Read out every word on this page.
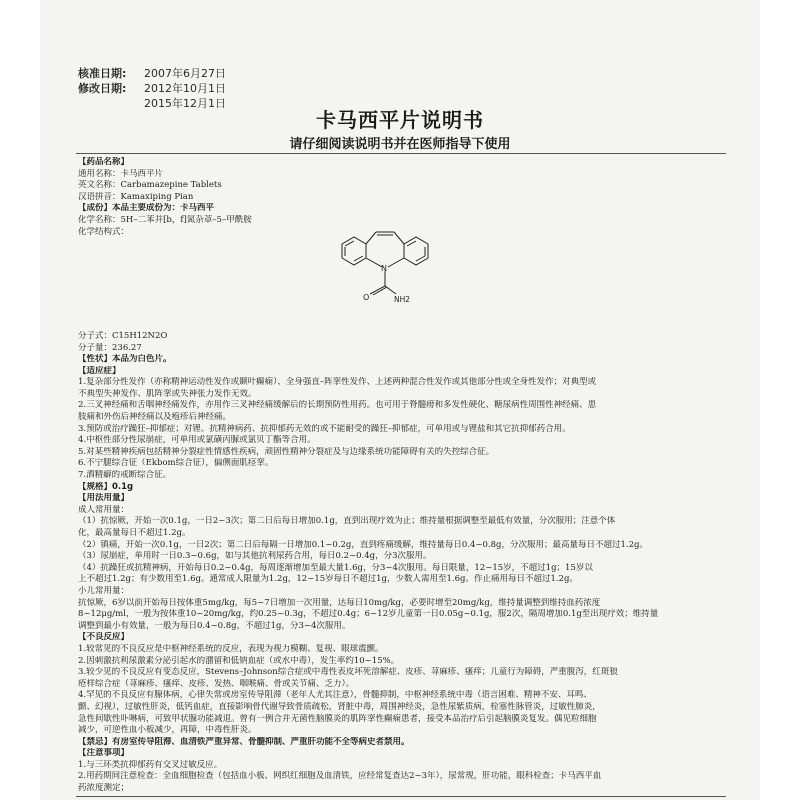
核准日期:	2007年6月27日
修改日期:	2012年10月1日
2015年12月1日
卡马西平片说明书
请仔细阅读说明书并在医师指导下使用
【药品名称】
通用名称：卡马西平片
英文名称：Carbamazepine Tablets
汉语拼音：Kamaxiping Pian
【成份】本品主要成份为：卡马西平
化学名称：5H–二苯并[b，f]氮杂䓬–5–甲酰胺
化学结构式：

分子式：C15H12N2O
分子量：236.27
【性状】本品为白色片。
【适应症】
1.复杂部分性发作（亦称精神运动性发作或颞叶癫痫）、全身强直–阵挛性发作、上述两种混合性发作或其他部分性或全身性发作；对典型或
不典型失神发作、肌阵挛或失神张力发作无效。
2.三叉神经痛和舌咽神经痛发作，亦用作三叉神经痛缓解后的长期预防性用药。也可用于脊髓痨和多发性硬化、糖尿病性周围性神经痛、患
肢痛和外伤后神经痛以及疱疹后神经痛。
3.预防或治疗躁狂–抑郁症；对锂、抗精神病药、抗抑郁药无效的或不能耐受的躁狂–抑郁症，可单用或与锂盐和其它抗抑郁药合用。
4.中枢性部分性尿崩症，可单用或氯磺丙脲或氯贝丁酯等合用。
5.对某些精神疾病包括精神分裂症性情感性疾病，顽固性精神分裂症及与边缘系统功能障碍有关的失控综合征。
6.不宁腿综合征（Ekbom综合征），偏侧面肌痉挛。
7.酒精癖的戒断综合征。
【规格】0.1g
【用法用量】
成人常用量：
（1）抗惊厥，开始一次0.1g，一日2~3次；第二日后每日增加0.1g，直到出现疗效为止；维持量根据调整至最低有效量，分次服用；注意个体
化，最高量每日不超过1.2g。
（2）镇痛，开始一次0.1g，一日2次；第二日后每隔一日增加0.1~0.2g，直到疼痛缓解，维持量每日0.4~0.8g，分次服用；最高量每日不超过1.2g。
（3）尿崩症，单用时一日0.3~0.6g，如与其他抗利尿药合用，每日0.2~0.4g，分3次服用。
（4）抗躁狂或抗精神病，开始每日0.2~0.4g，每周逐渐增加至最大量1.6g，分3~4次服用。每日限量，12~15岁，不超过1g；15岁以
上不超过1.2g；有少数用至1.6g。通常成人限量为1.2g，12~15岁每日不超过1g，少数人需用至1.6g。作止痛用每日不超过1.2g。
小儿常用量：
抗惊厥，6岁以前开始每日按体重5mg/kg，每5~7日增加一次用量，达每日10mg/kg，必要时增至20mg/kg，维持量调整到维持血药浓度
8~12μg/ml，一般为按体重10~20mg/kg，约0.25~0.3g，不超过0.4g；6~12岁儿童第一日0.05g~0.1g，服2次，隔周增加0.1g至出现疗效；维持量
调整到最小有效量，一般为每日0.4~0.8g，不超过1g，分3~4次服用。
【不良反应】
1.较常见的不良反应是中枢神经系统的反应，表现为视力模糊、复视、眼球震颤。
2.因刺激抗利尿激素分泌引起水的潴留和低钠血症（或水中毒），发生率约10~15%。
3.较少见的不良反应有变态反应，Stevens–Johnson综合症或中毒性表皮坏死溶解症、皮疹、荨麻疹、瘙痒；儿童行为障碍，严重腹泻，红斑狼
疮样综合症（荨麻疹、瘙痒、皮疹、发热、咽喉痛、骨或关节痛、乏力）。
4.罕见的不良反应有腺体病，心律失常或房室传导阻滞（老年人尤其注意），骨髓抑制，中枢神经系统中毒（语言困难、精神不安、耳鸣、
颤、幻视），过敏性肝炎，低钙血症，直接影响骨代谢导致骨质疏松，肾脏中毒，周围神经炎，急性尿紫质病，栓塞性脉管炎，过敏性肺炎，
急性间歇性卟啉病，可致甲状腺功能减退。曾有一例合并无菌性脑膜炎的肌阵挛性癫痫患者，接受本品治疗后引起脑膜炎复发。偶见粒细胞
减少，可逆性血小板减少，再障，中毒性肝炎。
【禁忌】有房室传导阻滞、血清铁严重异常、骨髓抑制、严重肝功能不全等病史者禁用。
【注意事项】
1.与三环类抗抑郁药有交叉过敏反应。
2.用药期间注意检查：全血细胞检查（包括血小板、网织红细胞及血清铁，应经常复查达2~3年），尿常规，肝功能，眼科检查；卡马西平血
药浓度测定；
N
O	NH2
